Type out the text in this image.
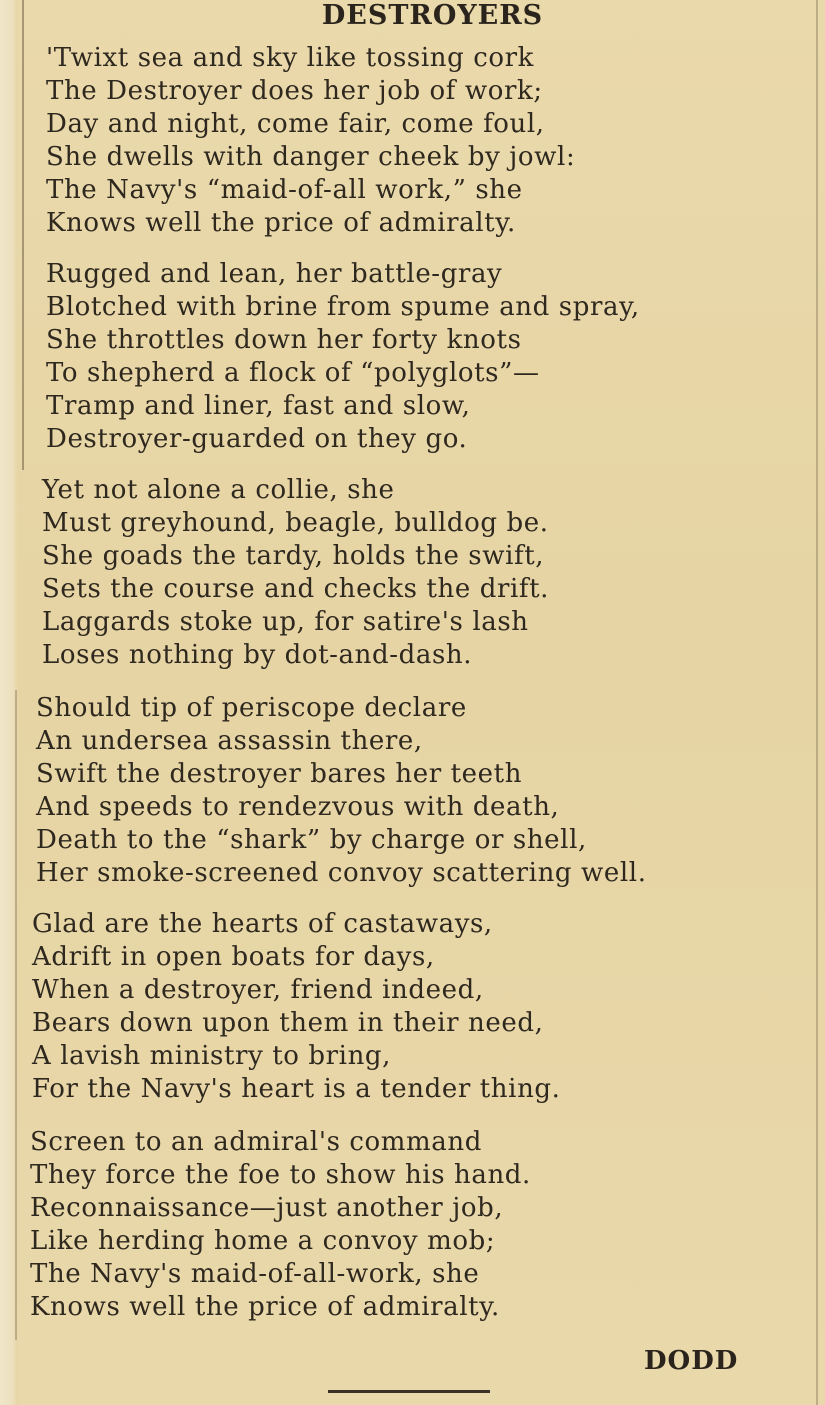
DESTROYERS
'Twixt sea and sky like tossing cork
The Destroyer does her job of work;
Day and night, come fair, come foul,
She dwells with danger cheek by jowl:
The Navy's “maid-of-all work,” she
Knows well the price of admiralty.
Rugged and lean, her battle-gray
Blotched with brine from spume and spray,
She throttles down her forty knots
To shepherd a flock of “polyglots”—
Tramp and liner, fast and slow,
Destroyer-guarded on they go.
Yet not alone a collie, she
Must greyhound, beagle, bulldog be.
She goads the tardy, holds the swift,
Sets the course and checks the drift.
Laggards stoke up, for satire's lash
Loses nothing by dot-and-dash.
Should tip of periscope declare
An undersea assassin there,
Swift the destroyer bares her teeth
And speeds to rendezvous with death,
Death to the “shark” by charge or shell,
Her smoke-screened convoy scattering well.
Glad are the hearts of castaways,
Adrift in open boats for days,
When a destroyer, friend indeed,
Bears down upon them in their need,
A lavish ministry to bring,
For the Navy's heart is a tender thing.
Screen to an admiral's command
They force the foe to show his hand.
Reconnaissance—just another job,
Like herding home a convoy mob;
The Navy's maid-of-all-work, she
Knows well the price of admiralty.
DODD
